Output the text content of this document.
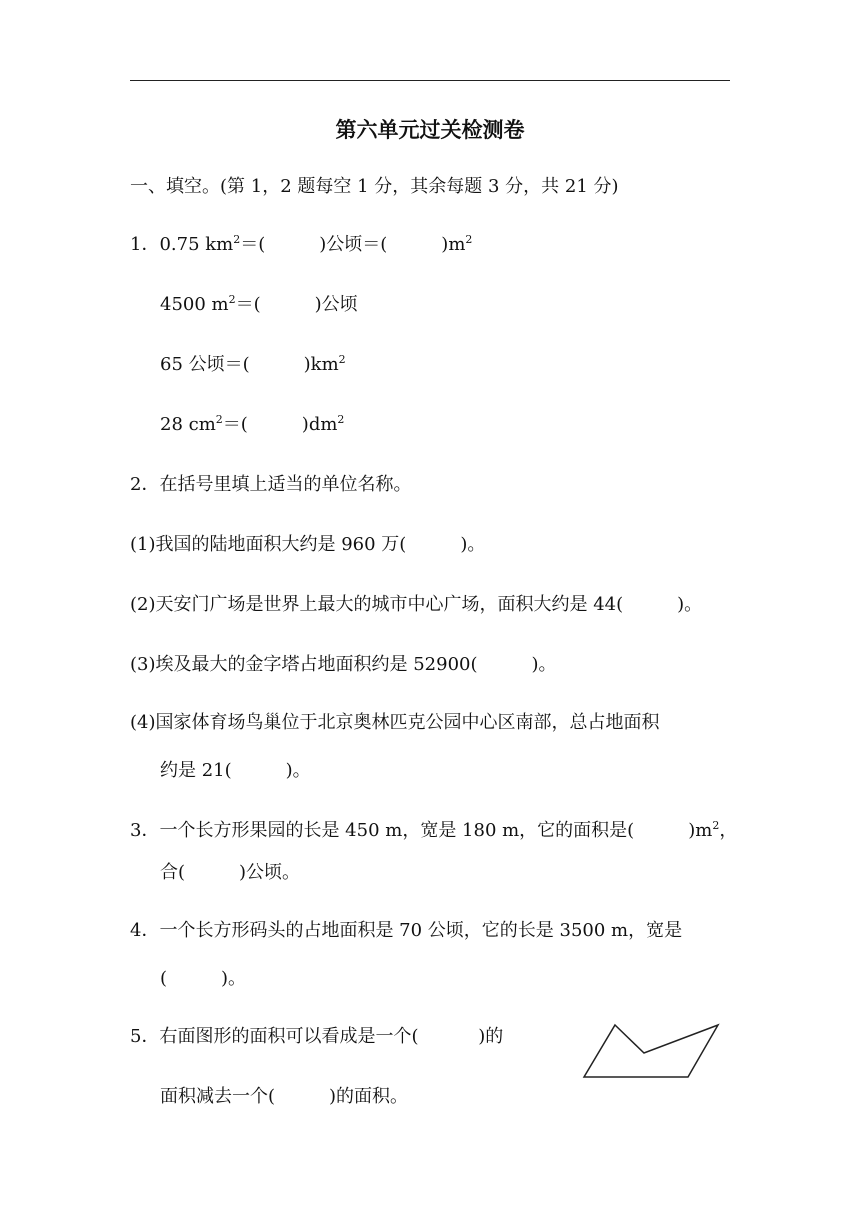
第六单元过关检测卷
一、填空。(第 1，2 题每空 1 分，其余每题 3 分，共 21 分)
1．0.75 $km^2=$(　　　)公顷＝(　　　)$m^2$
4500 $m^2=$(　　　)公顷
65 公顷＝(　　　)$km^2$
28 $cm^2=$(　　　)$dm^2$
2．在括号里填上适当的单位名称。
(1)我国的陆地面积大约是 960 万(　　　)。
(2)天安门广场是世界上最大的城市中心广场，面积大约是 44(　　　)。
(3)埃及最大的金字塔占地面积约是 52900(　　　)。
(4)国家体育场鸟巢位于北京奥林匹克公园中心区南部，总占地面积
约是 21(　　　)。
3．一个长方形果园的长是 450 m，宽是 180 m，它的面积是(　　　)$m^2$，
合(　　　)公顷。
4．一个长方形码头的占地面积是 70 公顷，它的长是 3500 m，宽是
(　　　)。
5．右面图形的面积可以看成是一个(　　　 )的
面积减去一个(　　　)的面积。
